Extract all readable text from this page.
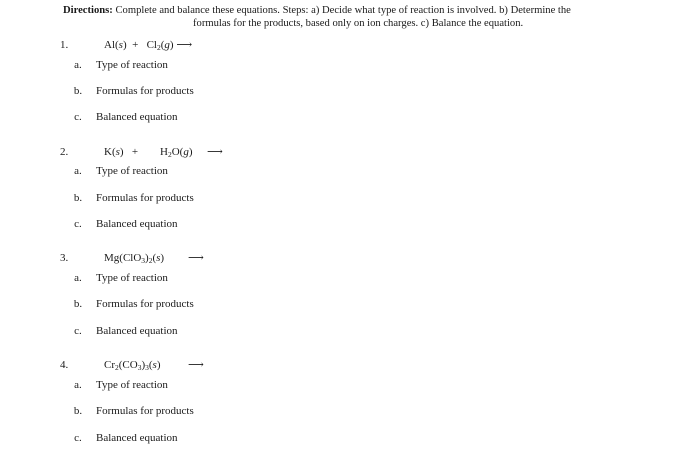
Directions: Complete and balance these equations. Steps: a) Decide what type of reaction is involved. b) Determine the
formulas for the products, based only on ion charges. c) Balance the equation.
1.	$Al(s) + Cl_2(g)$ ⟶
a. Type of reaction
b. Formulas for products
c. Balanced equation
2.	$K(s) + H_2O(g)$ ⟶
a. Type of reaction
b. Formulas for products
c. Balanced equation
3.	$Mg(ClO_3)_2(s)$ ⟶
a. Type of reaction
b. Formulas for products
c. Balanced equation
4.	$Cr_2(CO_3)_3(s)$	⟶
a. Type of reaction
b. Formulas for products
c. Balanced equation
